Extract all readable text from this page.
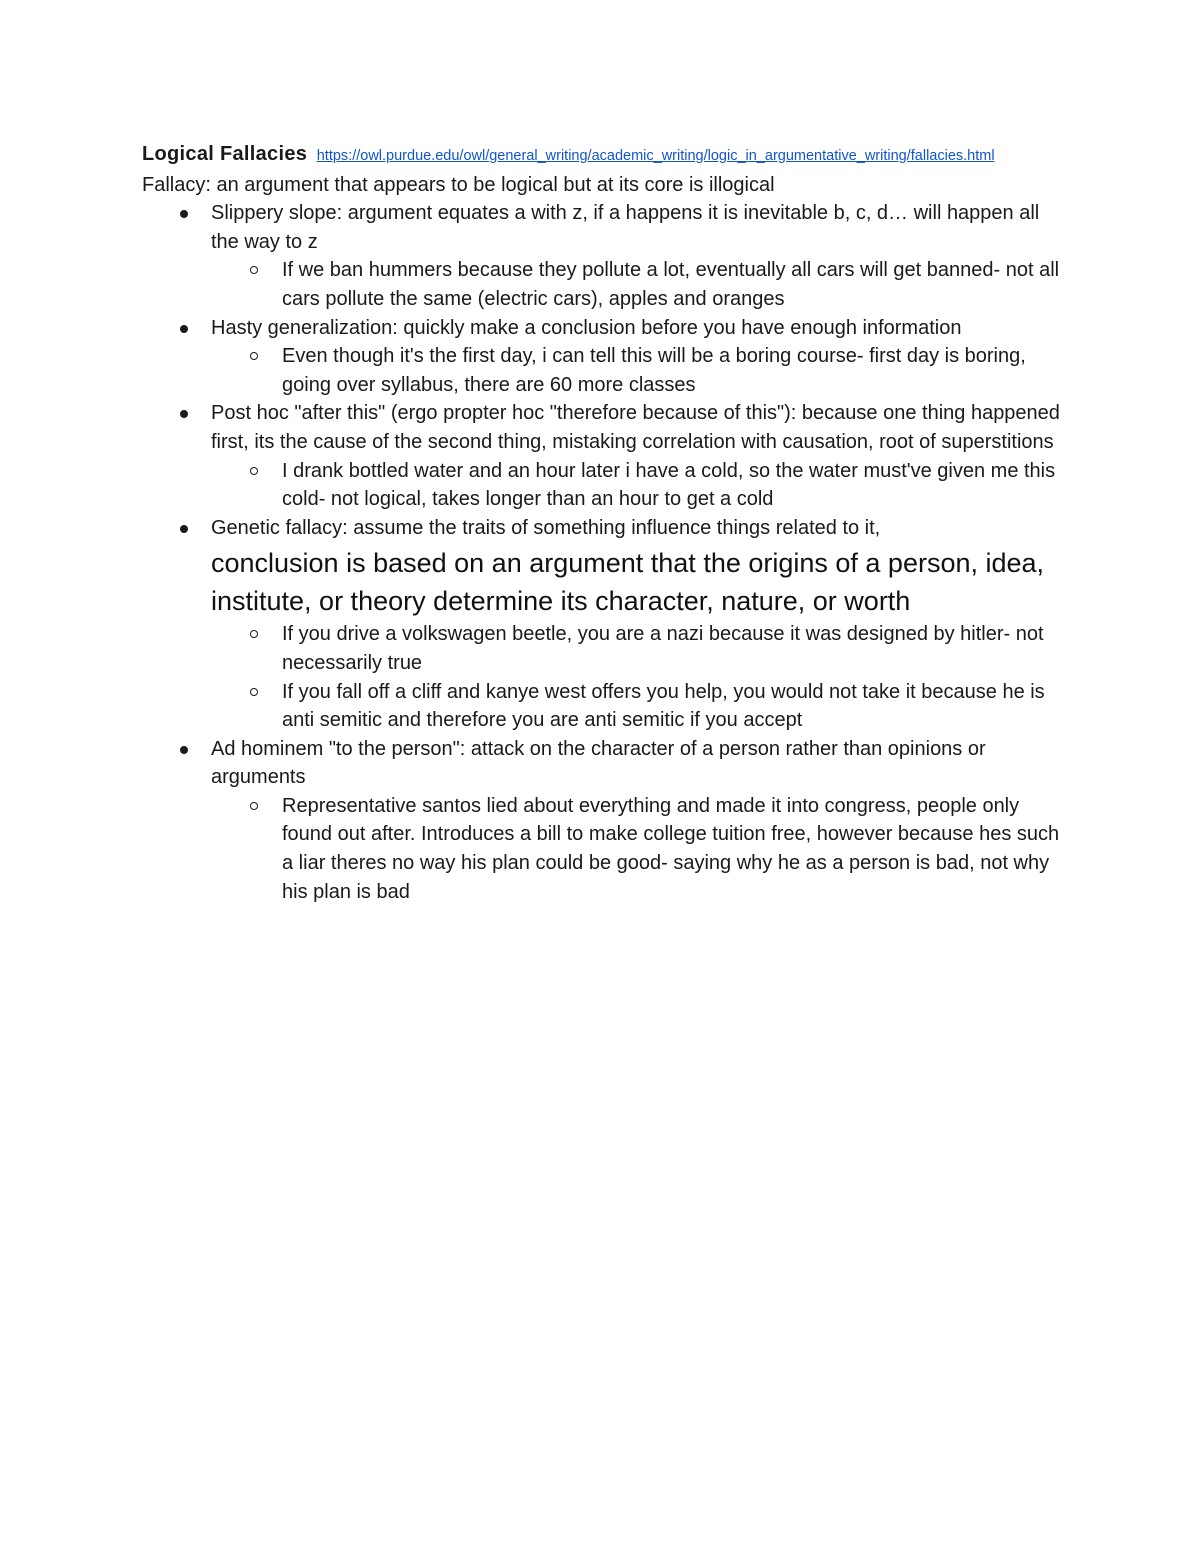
Logical Fallacies https://owl.purdue.edu/owl/general_writing/academic_writing/logic_in_argumentative_writing/fallacies.html

Fallacy: an argument that appears to be logical but at its core is illogical

Slippery slope: argument equates a with z, if a happens it is inevitable b, c, d… will happen all the way to z
If we ban hummers because they pollute a lot, eventually all cars will get banned- not all cars pollute the same (electric cars), apples and oranges
Hasty generalization: quickly make a conclusion before you have enough information
Even though it's the first day, i can tell this will be a boring course- first day is boring, going over syllabus, there are 60 more classes
Post hoc "after this" (ergo propter hoc "therefore because of this"): because one thing happened first, its the cause of the second thing, mistaking correlation with causation, root of superstitions
I drank bottled water and an hour later i have a cold, so the water must've given me this cold- not logical, takes longer than an hour to get a cold
Genetic fallacy: assume the traits of something influence things related to it,
conclusion is based on an argument that the origins of a person, idea, institute, or theory determine its character, nature, or worth
If you drive a volkswagen beetle, you are a nazi because it was designed by hitler- not necessarily true
If you fall off a cliff and kanye west offers you help, you would not take it because he is anti semitic and therefore you are anti semitic if you accept
Ad hominem "to the person": attack on the character of a person rather than opinions or arguments
Representative santos lied about everything and made it into congress, people only found out after. Introduces a bill to make college tuition free, however because hes such a liar theres no way his plan could be good- saying why he as a person is bad, not why his plan is bad
